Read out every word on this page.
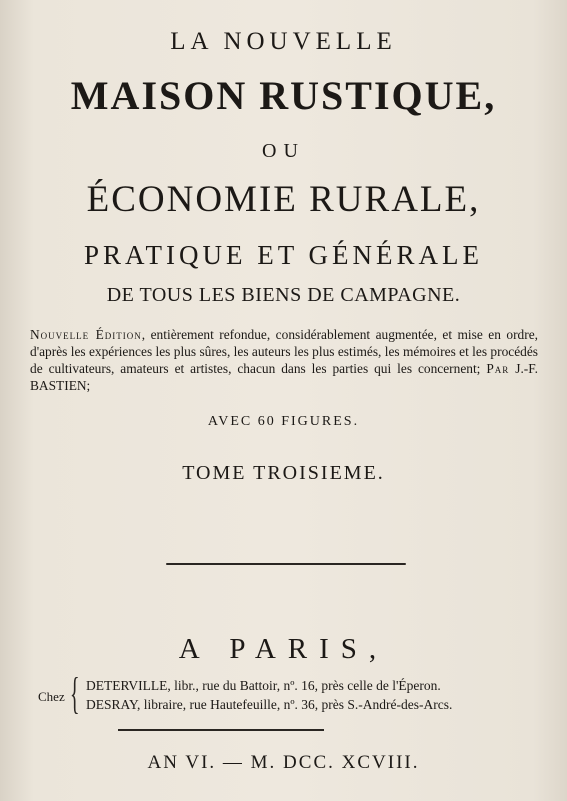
LA NOUVELLE
MAISON RUSTIQUE,
OU
ÉCONOMIE RURALE,
PRATIQUE ET GÉNÉRALE
DE TOUS LES BIENS DE CAMPAGNE.
Nouvelle Édition, entièrement refondue, considérablement augmentée, et mise en ordre, d'après les expériences les plus sûres, les auteurs les plus estimés, les mémoires et les procédés de cultivateurs, amateurs et artistes, chacun dans les parties qui les concernent; Par J.-F. BASTIEN;
AVEC 60 FIGURES.
TOME TROISIEME.
A PARIS,
Chez { DETERVILLE, libr., rue du Battoir, nº. 16, près celle de l'Éperon.
DESRAY, libraire, rue Hautefeuille, nº. 36, près S.-André-des-Arcs.
AN VI. — M. DCC. XCVIII.
